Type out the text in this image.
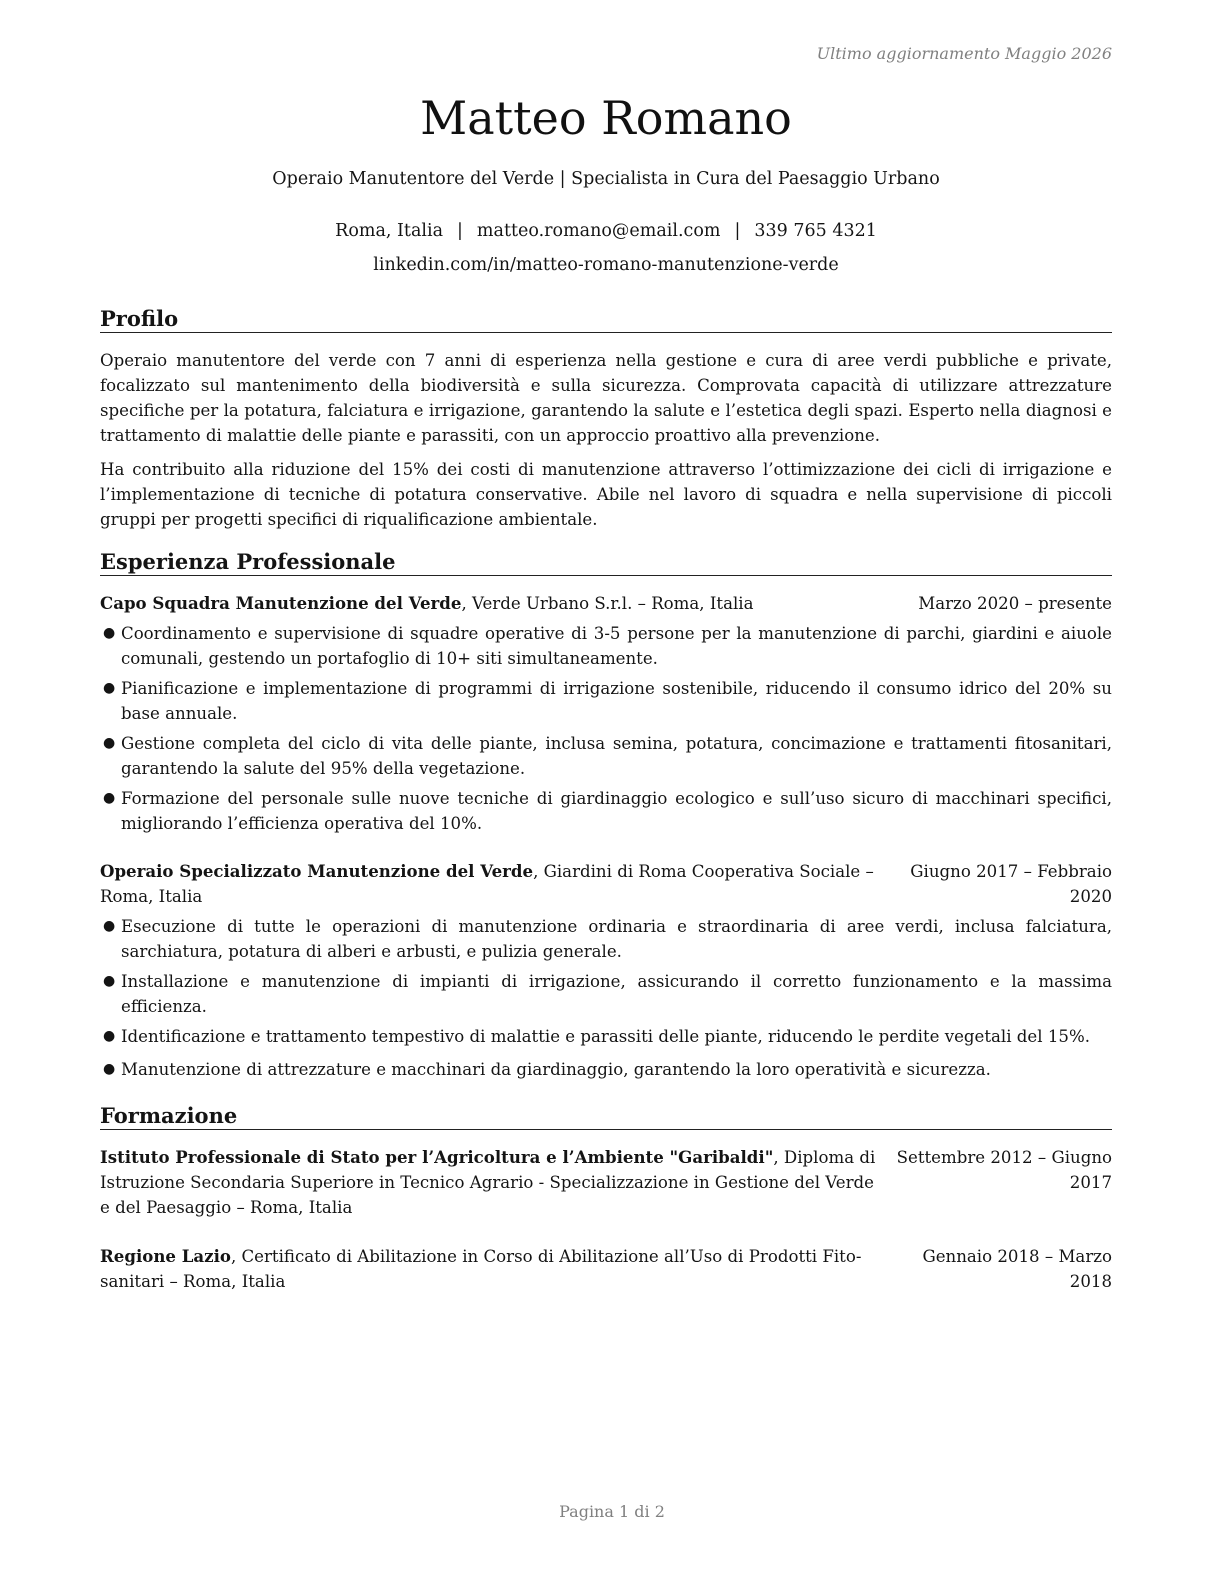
Ultimo aggiornamento Maggio 2026
Matteo Romano
Operaio Manutentore del Verde | Specialista in Cura del Paesaggio Urbano
Roma, Italia | matteo.romano@email.com | 339 765 4321
linkedin.com/in/matteo-romano-manutenzione-verde
Profilo
Operaio manutentore del verde con 7 anni di esperienza nella gestione e cura di aree verdi pubbliche e private, focalizzato sul mantenimento della biodiversità e sulla sicurezza. Comprovata capacità di utilizzare attrezzature specifiche per la potatura, falciatura e irrigazione, garantendo la salute e l’estetica degli spazi. Esperto nella diagnosi e trattamento di malattie delle piante e parassiti, con un approccio proattivo alla prevenzione.
Ha contribuito alla riduzione del 15% dei costi di manutenzione attraverso l’ottimizzazione dei cicli di irrigazione e l’implementazione di tecniche di potatura conservative. Abile nel lavoro di squadra e nella supervisione di piccoli gruppi per progetti specifici di riqualificazione ambientale.
Esperienza Professionale
Capo Squadra Manutenzione del Verde, Verde Urbano S.r.l. – Roma, Italia	Marzo 2020 – presente
● Coordinamento e supervisione di squadre operative di 3-5 persone per la manutenzione di parchi, giardini e aiuole comunali, gestendo un portafoglio di 10+ siti simultaneamente.
● Pianificazione e implementazione di programmi di irrigazione sostenibile, riducendo il consumo idrico del 20% su base annuale.
● Gestione completa del ciclo di vita delle piante, inclusa semina, potatura, concimazione e trattamenti fitosanitari, garantendo la salute del 95% della vegetazione.
● Formazione del personale sulle nuove tecniche di giardinaggio ecologico e sull’uso sicuro di macchinari specifici, migliorando l’efficienza operativa del 10%.
Operaio Specializzato Manutenzione del Verde, Giardini di Roma Cooperativa Sociale –
Roma, Italia
Giugno 2017 – Febbraio
2020
● Esecuzione di tutte le operazioni di manutenzione ordinaria e straordinaria di aree verdi, inclusa falciatura, sarchiatura, potatura di alberi e arbusti, e pulizia generale.
● Installazione e manutenzione di impianti di irrigazione, assicurando il corretto funzionamento e la massima efficienza.
● Identificazione e trattamento tempestivo di malattie e parassiti delle piante, riducendo le perdite vegetali del 15%.
● Manutenzione di attrezzature e macchinari da giardinaggio, garantendo la loro operatività e sicurezza.
Formazione
Istituto Professionale di Stato per l’Agricoltura e l’Ambiente "Garibaldi", Diploma di
Istruzione Secondaria Superiore in Tecnico Agrario - Specializzazione in Gestione del Verde
e del Paesaggio – Roma, Italia
Settembre 2012 – Giugno
2017
Regione Lazio, Certificato di Abilitazione in Corso di Abilitazione all’Uso di Prodotti Fito-
sanitari – Roma, Italia
Gennaio 2018 – Marzo
2018
Pagina 1 di 2
